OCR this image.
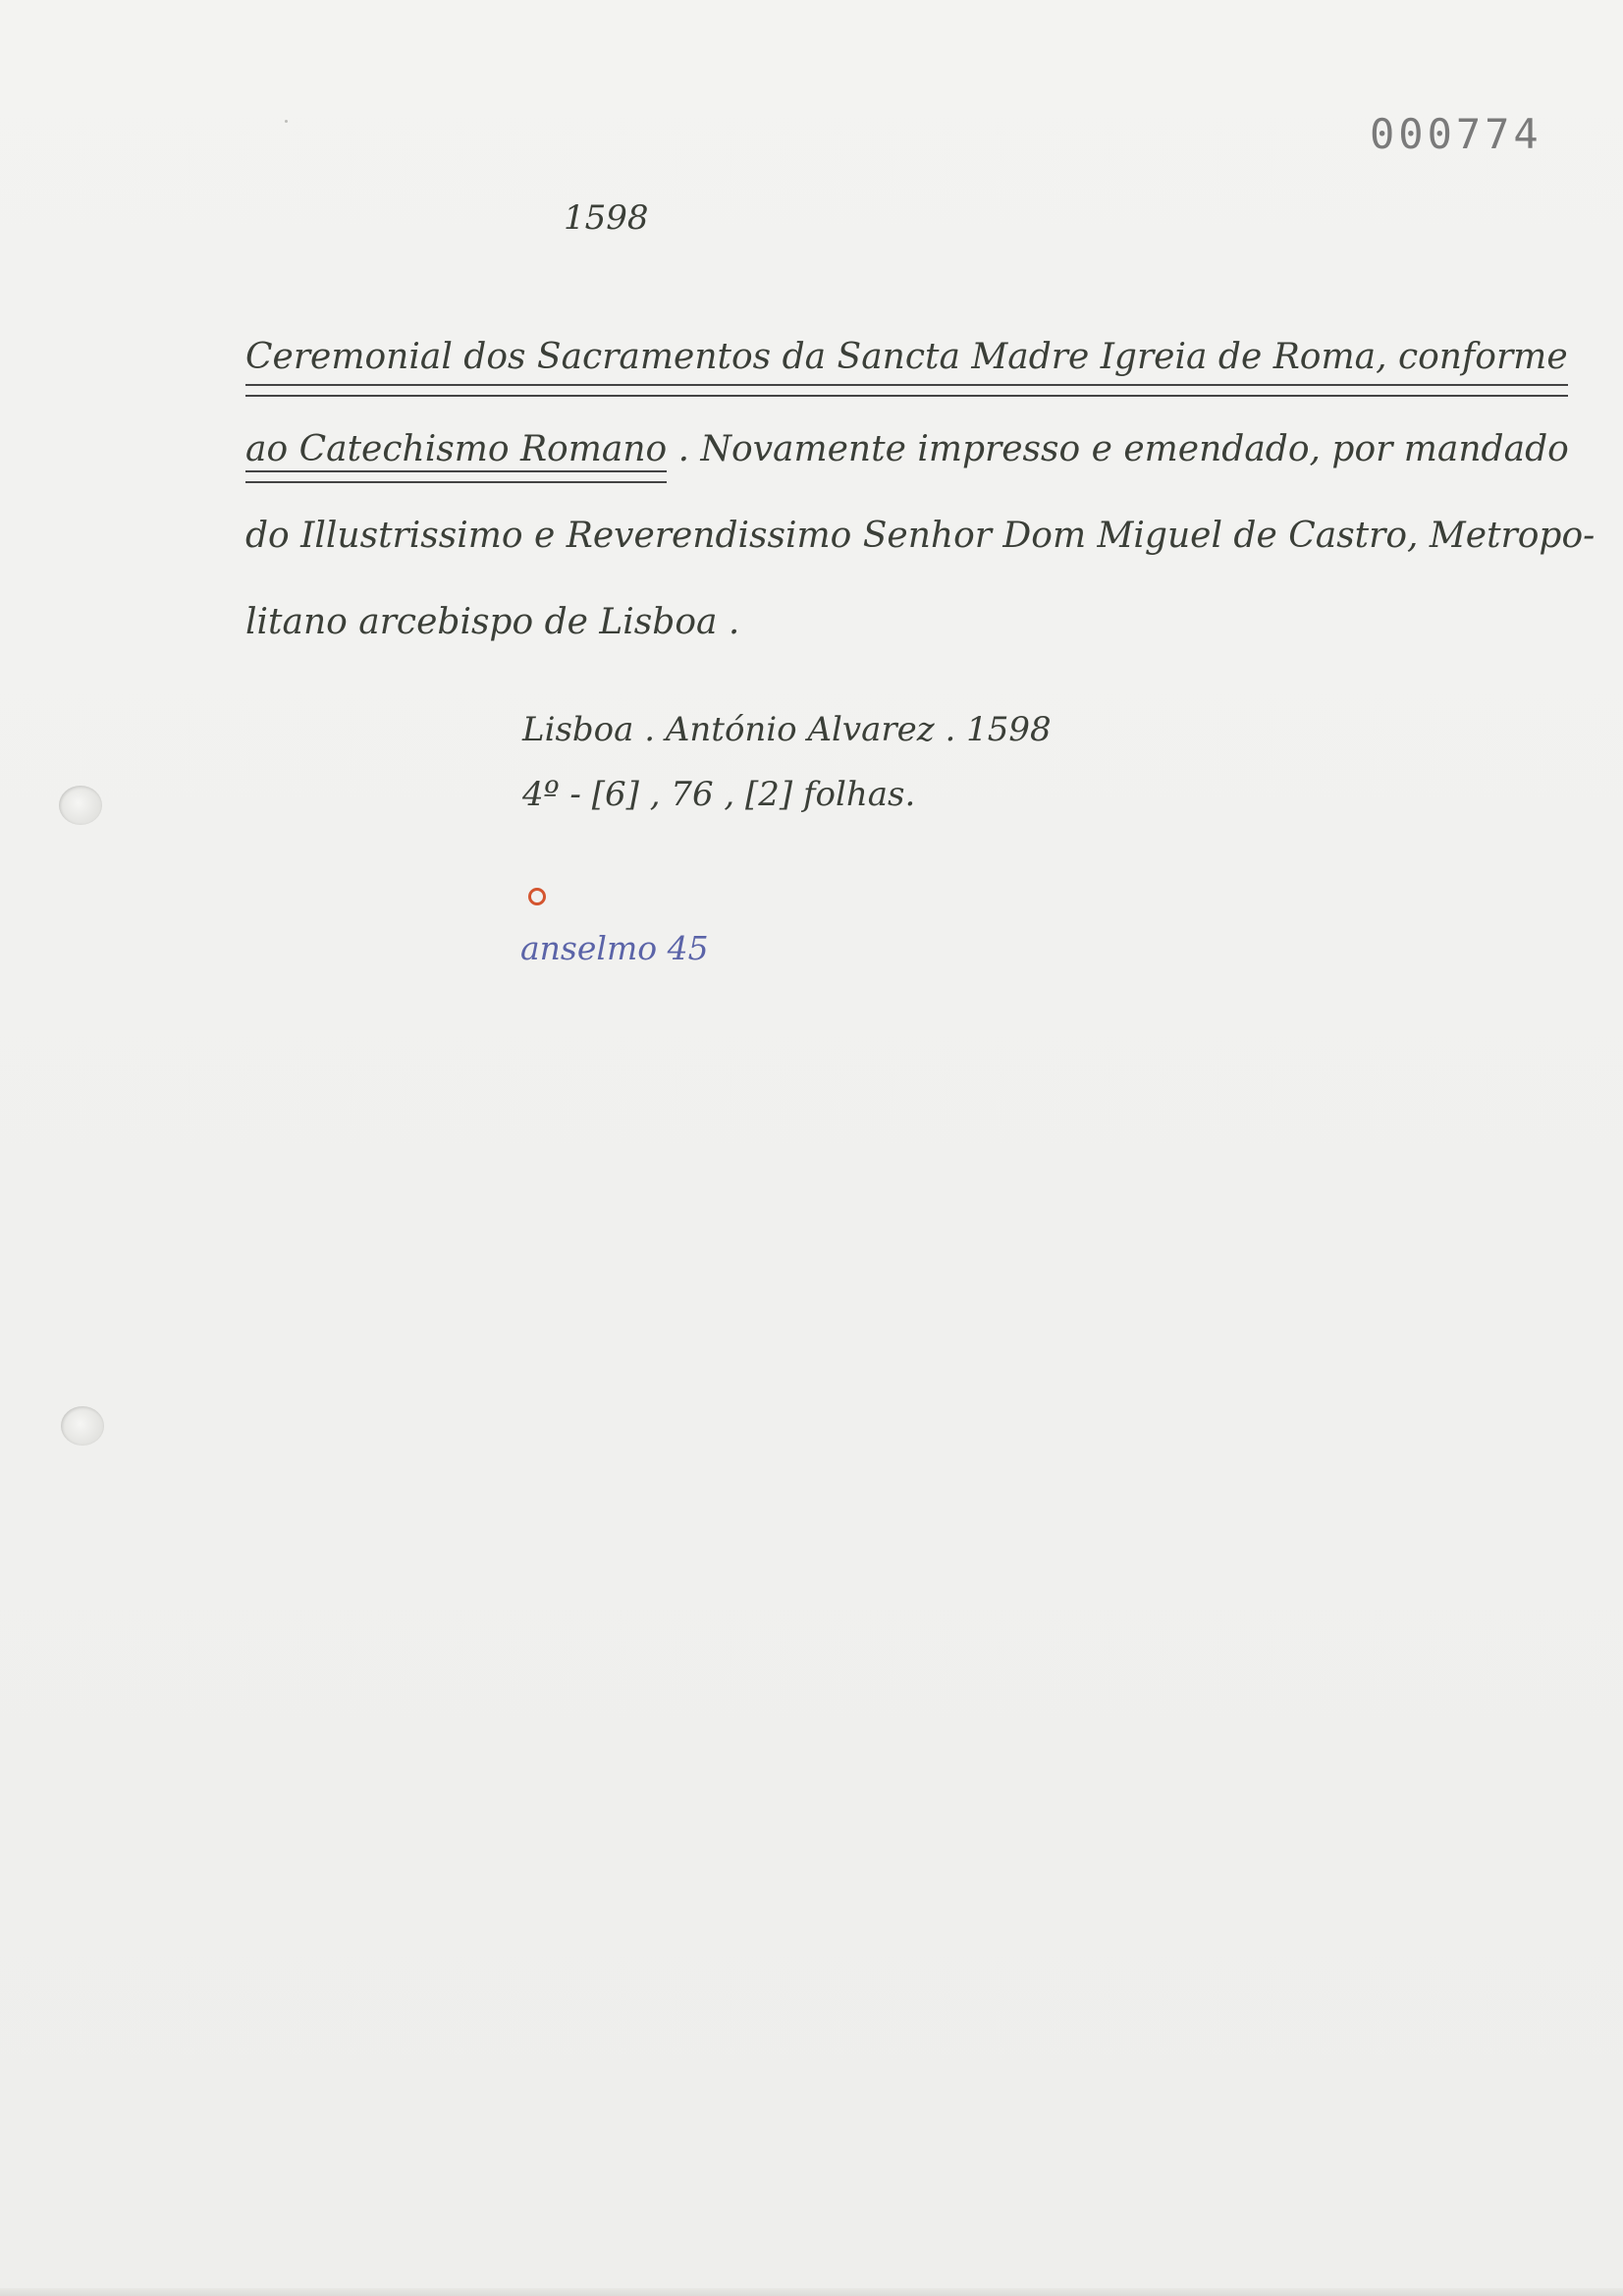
000774
1598
Ceremonial dos Sacramentos da Sancta Madre Igreia de Roma, conforme
ao Catechismo Romano . Novamente impresso e emendado, por mandado
do Illustrissimo e Reverendissimo Senhor Dom Miguel de Castro, Metropo-
litano arcebispo de Lisboa .
Lisboa . António Alvarez . 1598
4º - [6] , 76 , [2] folhas.
anselmo 45
